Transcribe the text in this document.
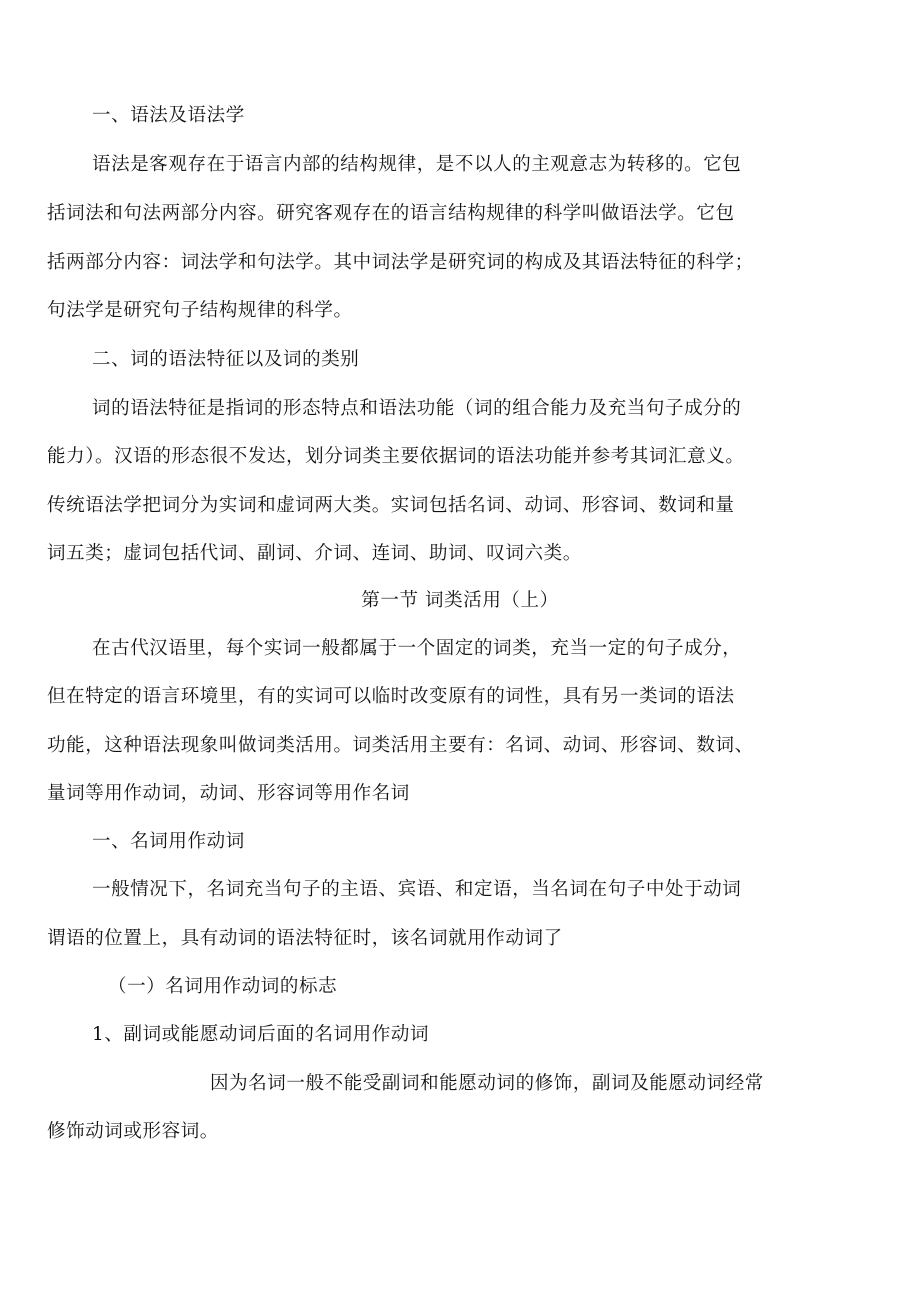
一、语法及语法学
语法是客观存在于语言内部的结构规律，是不以人的主观意志为转移的。它包
括词法和句法两部分内容。研究客观存在的语言结构规律的科学叫做语法学。它包
括两部分内容：词法学和句法学。其中词法学是研究词的构成及其语法特征的科学；
句法学是研究句子结构规律的科学。
二、词的语法特征以及词的类别
词的语法特征是指词的形态特点和语法功能（词的组合能力及充当句子成分的
能力）。汉语的形态很不发达，划分词类主要依据词的语法功能并参考其词汇意义。
传统语法学把词分为实词和虚词两大类。实词包括名词、动词、形容词、数词和量
词五类；虚词包括代词、副词、介词、连词、助词、叹词六类。
第一节 词类活用（上）
在古代汉语里，每个实词一般都属于一个固定的词类，充当一定的句子成分，
但在特定的语言环境里，有的实词可以临时改变原有的词性，具有另一类词的语法
功能，这种语法现象叫做词类活用。词类活用主要有：名词、动词、形容词、数词、
量词等用作动词，动词、形容词等用作名词
一、名词用作动词
一般情况下，名词充当句子的主语、宾语、和定语，当名词在句子中处于动词
谓语的位置上，具有动词的语法特征时，该名词就用作动词了
（一）名词用作动词的标志
1、副词或能愿动词后面的名词用作动词
因为名词一般不能受副词和能愿动词的修饰，副词及能愿动词经常
修饰动词或形容词。
